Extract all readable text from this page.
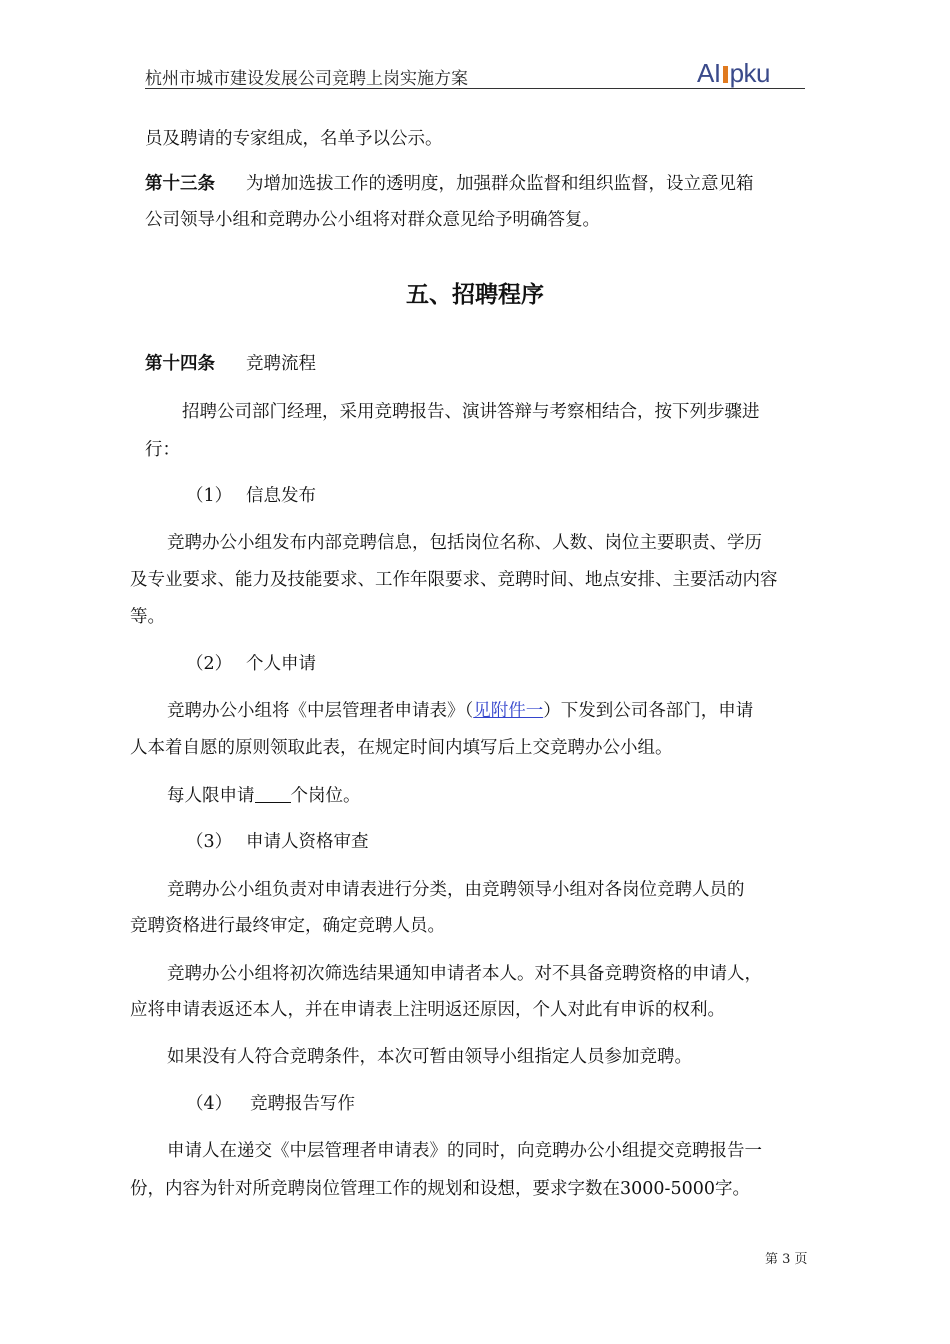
杭州市城市建设发展公司竞聘上岗实施方案	AI pku
员及聘请的专家组成，名单予以公示。
第十三条 为增加选拔工作的透明度，加强群众监督和组织监督，设立意见箱
公司领导小组和竞聘办公小组将对群众意见给予明确答复。
五、招聘程序
第十四条 竞聘流程
招聘公司部门经理，采用竞聘报告、演讲答辩与考察相结合，按下列步骤进
行：
（1） 信息发布
竞聘办公小组发布内部竞聘信息，包括岗位名称、人数、岗位主要职责、学历
及专业要求、能力及技能要求、工作年限要求、竞聘时间、地点安排、主要活动内容
等。
（2） 个人申请
竞聘办公小组将《中层管理者申请表》（见附件一）下发到公司各部门，申请
人本着自愿的原则领取此表，在规定时间内填写后上交竞聘办公小组。
每人限申请 个岗位。
（3） 申请人资格审查
竞聘办公小组负责对申请表进行分类，由竞聘领导小组对各岗位竞聘人员的
竞聘资格进行最终审定，确定竞聘人员。
竞聘办公小组将初次筛选结果通知申请者本人。对不具备竞聘资格的申请人，
应将申请表返还本人，并在申请表上注明返还原因，个人对此有申诉的权利。
如果没有人符合竞聘条件，本次可暂由领导小组指定人员参加竞聘。
（4） 竞聘报告写作
申请人在递交《中层管理者申请表》的同时，向竞聘办公小组提交竞聘报告一
份，内容为针对所竞聘岗位管理工作的规划和设想，要求字数在3000-5000字。
第 3 页
